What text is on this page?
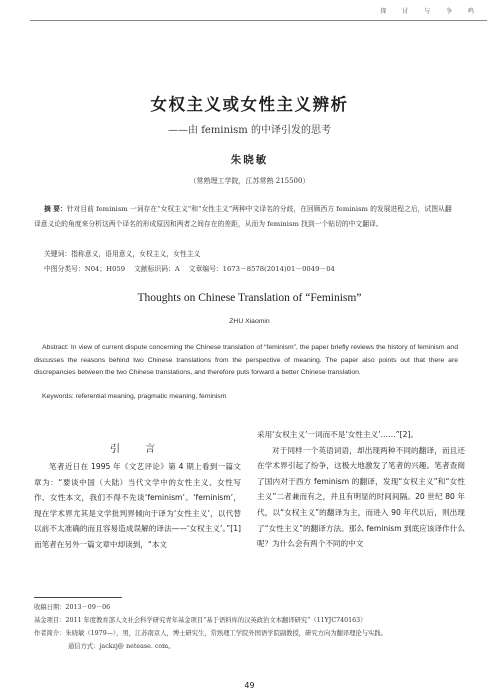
探 讨 与 争 鸣
女权主义或女性主义辨析
——由 feminism 的中译引发的思考
朱晓敏
（常熟理工学院，江苏常熟 215500）
摘 要：针对目前 feminism 一词存在“女权主义”和“女性主义”两种中文译名的分歧，在回顾西方 feminism 的发展进程之后，试图从翻译意义论的角度来分析这两个译名的形成原因和两者之间存在的差距，从而为 feminism 找到一个贴切的中文翻译。
关键词：指称意义，语用意义，女权主义，女性主义
中图分类号：N04；H059　 文献标识码：A　 文章编号：1673－8578(2014)01－0049－04
Thoughts on Chinese Translation of “Feminism”
ZHU Xiaomin
Abstract: In view of current dispute concerning the Chinese translation of “feminism”, the paper briefly reviews the history of feminism and discusses the reasons behind two Chinese translations from the perspective of meaning. The paper also points out that there are discrepancies between the two Chinese translations, and therefore puts forward a better Chinese translation.
Keywords: referential meaning, pragmatic meaning, feminism
引 言
笔者近日在 1995 年《文艺评论》第 4 期上看到一篇文章为：“要谈中国（大陆）当代文学中的女性主义、女性写作、女性本文，我们不得不先谈‘feminism’。‘feminism’，现在学术界尤其是文学批判界倾向于译为‘女性主义’，以代替以前不太准确的而且容易造成误解的译法——‘女权主义’。”[1] 而笔者在另外一篇文章中却读到，“本文
采用‘女权主义’一词而不是‘女性主义’……”[2]。
对于同样一个英语词语，却出现两种不同的翻译，而且还在学术界引起了纷争，这极大地激发了笔者的兴趣。笔者查阅了国内对于西方 feminism 的翻译，发现“女权主义”和“女性主义”二者兼而有之，并且有明显的时间间隔。20 世纪 80 年代，以“女权主义”的翻译为主，而进入 90 年代以后，则出现了“女性主义”的翻译方法。那么 feminism 到底应该译作什么呢？为什么会有两个不同的中文
收稿日期：2013－09－06
基金项目：2011 年度教育部人文社会科学研究青年基金项目“基于语料库的汉英政治文本翻译研究”（11YJC740163）
作者简介：朱晓敏（1979—），男，江苏南京人，博士研究生，常熟理工学院外国语学院副教授，研究方向为翻译理论与实践。
通信方式：jackzj@ netease. com。
49
